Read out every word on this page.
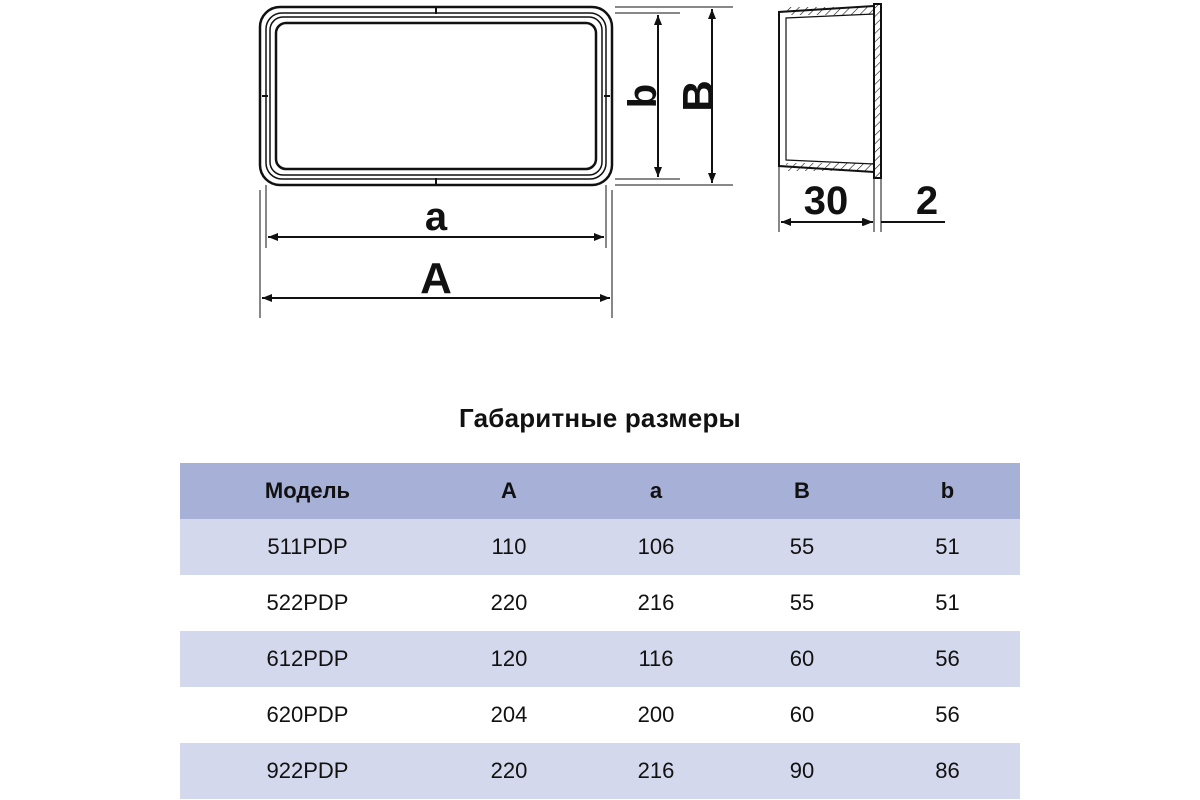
a
A
b B
30 2
Габаритные размеры
Модель	A	a	B	b
511PDP	110	106	55	51
522PDP	220	216	55	51
612PDP	120	116	60	56
620PDP	204	200	60	56
922PDP	220	216	90	86
